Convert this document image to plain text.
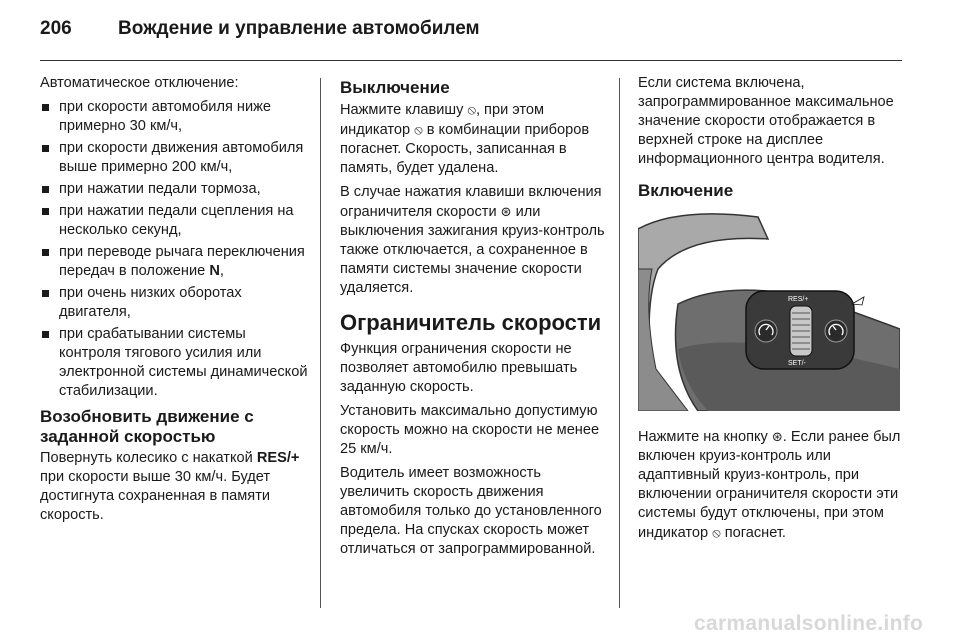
206 Вождение и управление автомобилем

Автоматическое отключение:

при скорости автомобиля ниже примерно 30 км/ч,
при скорости движения автомобиля выше примерно 200 км/ч,
при нажатии педали тормоза,
при нажатии педали сцепления на несколько секунд,
при переводе рычага переключения передач в положение N,
при очень низких оборотах двигателя,
при срабатывании системы контроля тягового усилия или электронной системы динамической стабилизации.
Возобновить движение с заданной скоростью

Повернуть колесико с накаткой RES/+ при скорости выше 30 км/ч. Будет достигнута сохраненная в памяти скорость.

Выключение

Нажмите клавишу ⦸, при этом индикатор ⦸ в комбинации приборов погаснет. Скорость, записанная в память, будет удалена.

В случае нажатия клавиши включения ограничителя скорости ⊛ или выключения зажигания круиз-контроль также отключается, а сохраненное в памяти системы значение скорости удаляется.

Ограничитель скорости

Функция ограничения скорости не позволяет автомобилю превышать заданную скорость.

Установить максимально допустимую скорость можно на скорости не менее 25 км/ч.

Водитель имеет возможность увеличить скорость движения автомобиля только до установленного предела. На спусках скорость может отличаться от запрограммированной.

Если система включена, запрограммированное максимальное значение скорости отображается в верхней строке на дисплее информационного центра водителя.

Включение
RES/+
SET/-

Нажмите на кнопку ⊛. Если ранее был включен круиз-контроль или адаптивный круиз-контроль, при включении ограничителя скорости эти системы будут отключены, при этом индикатор ⦸ погаснет.

carmanualsonline.info
